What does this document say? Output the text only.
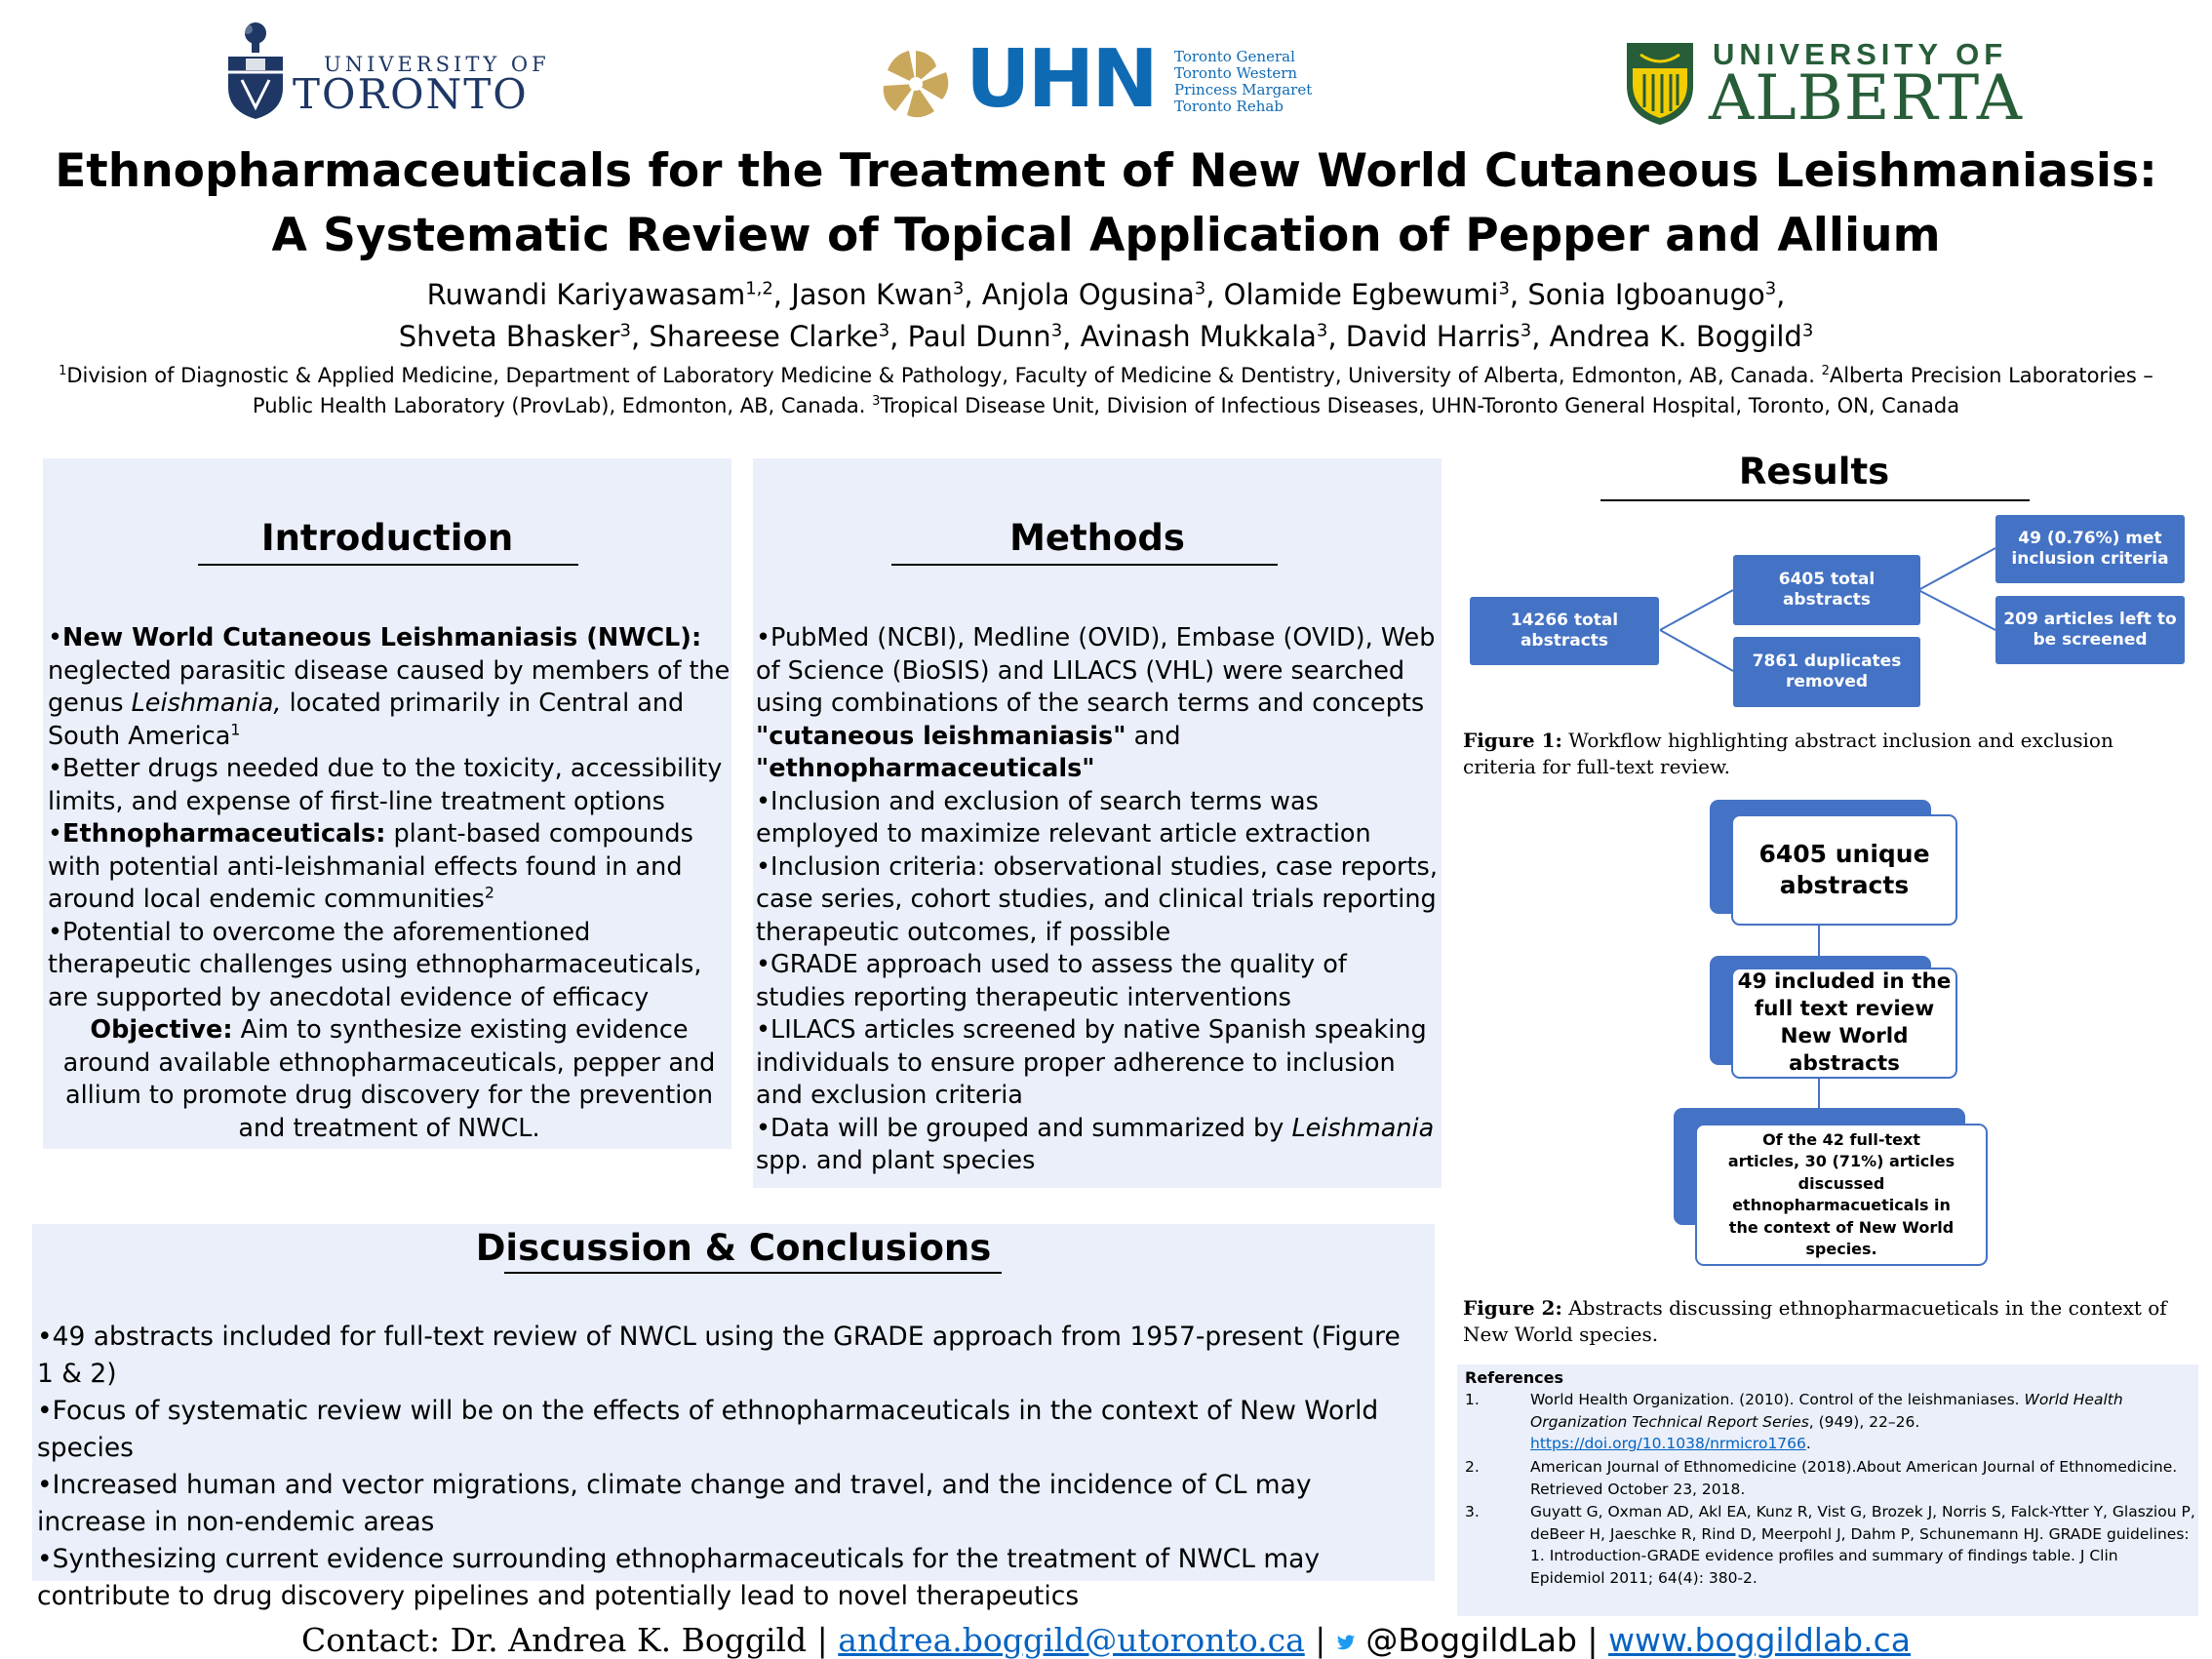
UNIVERSITY OF
TORONTO	UHN Toronto General
Toronto Western
Princess Margaret
Toronto Rehab
UNIVERSITY OF
ALBERTA
Ethnopharmaceuticals for the Treatment of New World Cutaneous Leishmaniasis:
A Systematic Review of Topical Application of Pepper and Allium
Ruwandi Kariyawasam$^{1,2}$, Jason Kwan$^3$, Anjola Ogusina$^3$, Olamide Egbewumi$^3$, Sonia Igboanugo$^3$,
Shveta Bhasker$^3$, Shareese Clarke$^3$, Paul Dunn$^3$, Avinash Mukkala$^3$, David Harris$^3$, Andrea K. Boggild$^3$
$^1$Division of Diagnostic & Applied Medicine, Department of Laboratory Medicine & Pathology, Faculty of Medicine & Dentistry, University of Alberta, Edmonton, AB, Canada. $^2$Alberta Precision Laboratories – Public Health Laboratory (ProvLab), Edmonton, AB, Canada. $^3$Tropical Disease Unit, Division of Infectious Diseases, UHN-Toronto General Hospital, Toronto, ON, Canada
Introduction

•New World Cutaneous Leishmaniasis (NWCL): neglected parasitic disease caused by members of the genus Leishmania, located primarily in Central and South America$^1$

•Better drugs needed due to the toxicity, accessibility limits, and expense of first-line treatment options

•Ethnopharmaceuticals: plant-based compounds with potential anti-leishmanial effects found in and around local endemic communities$^2$

•Potential to overcome the aforementioned therapeutic challenges using ethnopharmaceuticals, are supported by anecdotal evidence of efficacy

Objective: Aim to synthesize existing evidence around available ethnopharmaceuticals, pepper and allium to promote drug discovery for the prevention and treatment of NWCL.
Methods

•PubMed (NCBI), Medline (OVID), Embase (OVID), Web of Science (BioSIS) and LILACS (VHL) were searched using combinations of the search terms and concepts "cutaneous leishmaniasis" and "ethnopharmaceuticals"

•Inclusion and exclusion of search terms was employed to maximize relevant article extraction

•Inclusion criteria: observational studies, case reports, case series, cohort studies, and clinical trials reporting therapeutic outcomes, if possible

•GRADE approach used to assess the quality of studies reporting therapeutic interventions

•LILACS articles screened by native Spanish speaking individuals to ensure proper adherence to inclusion and exclusion criteria

•Data will be grouped and summarized by Leishmania spp. and plant species

Discussion & Conclusions

•49 abstracts included for full-text review of NWCL using the GRADE approach from 1957-present (Figure 1 & 2)

•Focus of systematic review will be on the effects of ethnopharmaceuticals in the context of New World species

•Increased human and vector migrations, climate change and travel, and the incidence of CL may increase in non-endemic areas

•Synthesizing current evidence surrounding ethnopharmaceuticals for the treatment of NWCL may contribute to drug discovery pipelines and potentially lead to novel therapeutics

Results
14266 total abstracts
6405 total abstracts
7861 duplicates removed
49 (0.76%) met inclusion criteria
209 articles left to be screened
Figure 1: Workflow highlighting abstract inclusion and exclusion criteria for full-text review.
6405 unique abstracts
49 included in the full text review New World abstracts
Of the 42 full-text articles, 30 (71%) articles discussed ethnopharmacueticals in the context of New World species.
Figure 2: Abstracts discussing ethnopharmacueticals in the context of New World species.
References
1.	World Health Organization. (2010). Control of the leishmaniases. World Health Organization Technical Report Series, (949), 22–26. https://doi.org/10.1038/nrmicro1766.
2.	American Journal of Ethnomedicine (2018).About American Journal of Ethnomedicine. Retrieved October 23, 2018.
3.	Guyatt G, Oxman AD, Akl EA, Kunz R, Vist G, Brozek J, Norris S, Falck-Ytter Y, Glasziou P, deBeer H, Jaeschke R, Rind D, Meerpohl J, Dahm P, Schunemann HJ. GRADE guidelines: 1. Introduction-GRADE evidence profiles and summary of findings table. J Clin Epidemiol 2011; 64(4): 380-2.
Contact: Dr. Andrea K. Boggild | andrea.boggild@utoronto.ca |  @BoggildLab | www.boggildlab.ca
